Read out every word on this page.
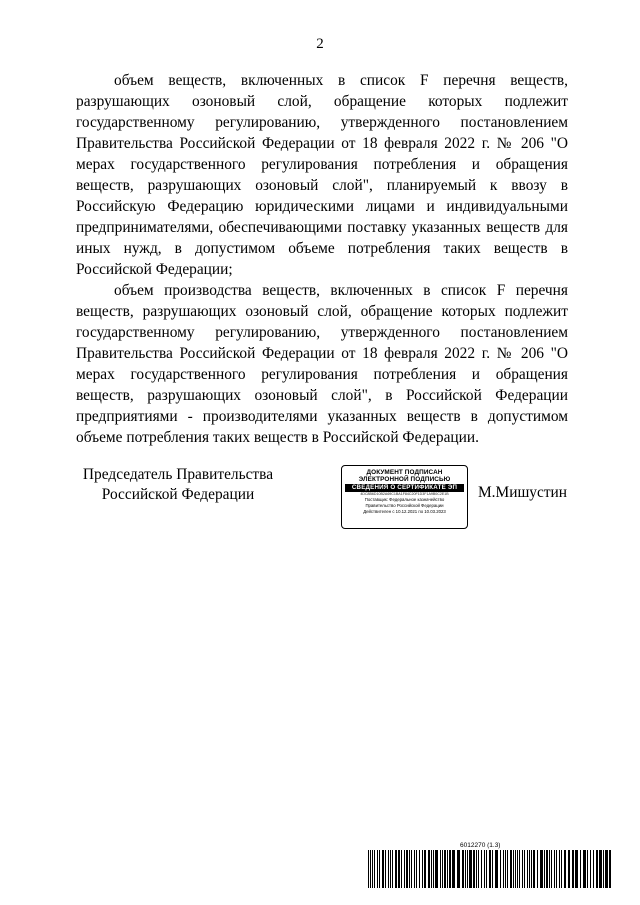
2

объем веществ, включенных в список F перечня веществ, разрушающих озоновый слой, обращение которых подлежит государственному регулированию, утвержденного постановлением Правительства Российской Федерации от 18 февраля 2022 г. № 206 "О мерах государственного регулирования потребления и обращения веществ, разрушающих озоновый слой", планируемый к ввозу в Российскую Федерацию юридическими лицами и индивидуальными предпринимателями, обеспечивающими поставку указанных веществ для иных нужд, в допустимом объеме потребления таких веществ в Российской Федерации;

объем производства веществ, включенных в список F перечня веществ, разрушающих озоновый слой, обращение которых подлежит государственному регулированию, утвержденного постановлением Правительства Российской Федерации от 18 февраля 2022 г. № 206 "О мерах государственного регулирования потребления и обращения веществ, разрушающих озоновый слой", в Российской Федерации предприятиями - производителями указанных веществ в допустимом объеме потребления таких веществ в Российской Федерации.

Председатель Правительства
Российской Федерации
ДОКУМЕНТ ПОДПИСАН
ЭЛЕКТРОННОЙ ПОДПИСЬЮ
СВЕДЕНИЯ О СЕРТИФИКАТЕ ЭП
4DC8B6D10B2A69C1BA1F84C20F1D3F1A9B0C2E1B
Поставщик: Федеральное казначейство
Правительство Российской Федерации
Действителен с 10.12.2021 по 10.03.2023
М.Мишустин
6012270 (1.3)
